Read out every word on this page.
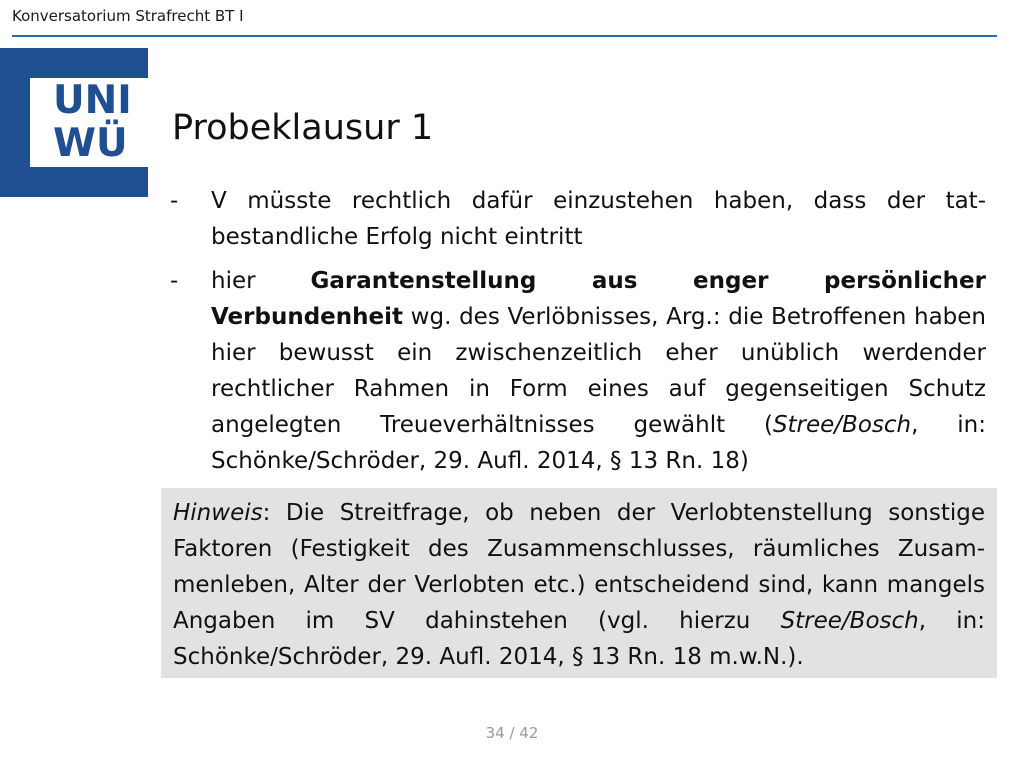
Konversatorium Strafrecht BT I
UNI
WÜ Probeklausur 1
- V müsste rechtlich dafür einzustehen haben, dass der tat-bestandliche Erfolg nicht eintritt
- hier Garantenstellung aus enger persönlicher Verbundenheit wg. des Verlöbnisses, Arg.: die Betroffenen haben hier bewusst ein zwischenzeitlich eher unüblich werdender rechtlicher Rahmen in Form eines auf gegenseitigen Schutz angelegten Treueverhältnisses gewählt (Stree/Bosch, in: Schönke/Schröder, 29. Aufl. 2014, § 13 Rn. 18)
Hinweis: Die Streitfrage, ob neben der Verlobtenstellung sonstige Faktoren (Festigkeit des Zusammenschlusses, räumliches Zusam-menleben, Alter der Verlobten etc.) entscheidend sind, kann mangels Angaben im SV dahinstehen (vgl. hierzu Stree/Bosch, in: Schönke/Schröder, 29. Aufl. 2014, § 13 Rn. 18 m.w.N.).
34 / 42
